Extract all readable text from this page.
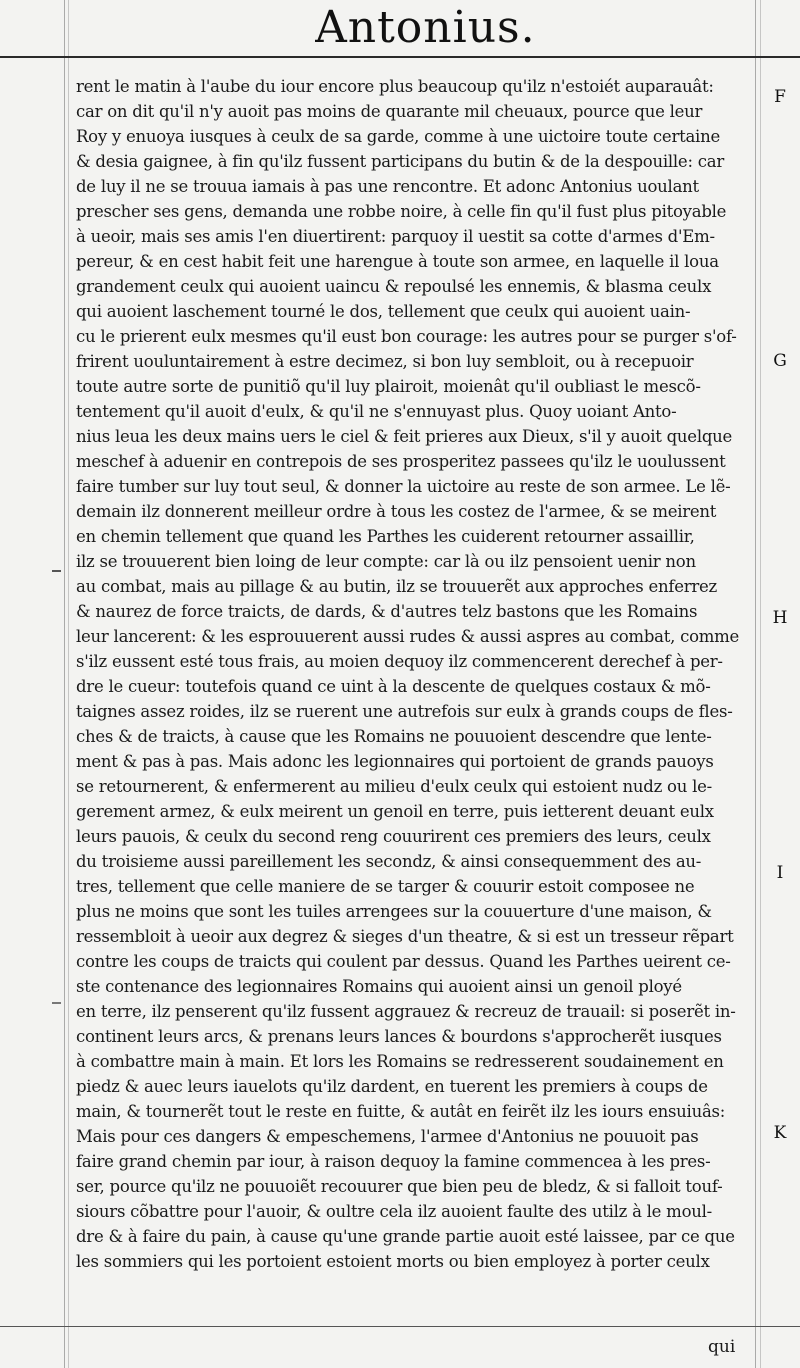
Antonius.
rent le matin à l'aube du iour encore plus beaucoup qu'ilz n'estoiét auparauât:
car on dit qu'il n'y auoit pas moins de quarante mil cheuaux, pource que leur
Roy y enuoya iusques à ceulx de sa garde, comme à une uictoire toute certaine
& desia gaignee, à fin qu'ilz fussent participans du butin & de la despouille: car
de luy il ne se trouua iamais à pas une rencontre. Et adonc Antonius uoulant
prescher ses gens, demanda une robbe noire, à celle fin qu'il fust plus pitoyable
à ueoir, mais ses amis l'en diuertirent: parquoy il uestit sa cotte d'armes d'Em-
pereur, & en cest habit feit une harengue à toute son armee, en laquelle il loua
grandement ceulx qui auoient uaincu & repoulsé les ennemis, & blasma ceulx
qui auoient laschement tourné le dos, tellement que ceulx qui auoient uain-
cu le prierent eulx mesmes qu'il eust bon courage: les autres pour se purger s'of-
frirent uouluntairement à estre decimez, si bon luy sembloit, ou à recepuoir
toute autre sorte de punitiõ qu'il luy plairoit, moienât qu'il oubliast le mescõ-
tentement qu'il auoit d'eulx, & qu'il ne s'ennuyast plus. Quoy uoiant Anto-
nius leua les deux mains uers le ciel & feit prieres aux Dieux, s'il y auoit quelque
meschef à aduenir en contrepois de ses prosperitez passees qu'ilz le uoulussent
faire tumber sur luy tout seul, & donner la uictoire au reste de son armee. Le lẽ-
demain ilz donnerent meilleur ordre à tous les costez de l'armee, & se meirent
en chemin tellement que quand les Parthes les cuiderent retourner assaillir,
ilz se trouuerent bien loing de leur compte: car là ou ilz pensoient uenir non
au combat, mais au pillage & au butin, ilz se trouuerẽt aux approches enferrez
& naurez de force traicts, de dards, & d'autres telz bastons que les Romains
leur lancerent: & les esprouuerent aussi rudes & aussi aspres au combat, comme
s'ilz eussent esté tous frais, au moien dequoy ilz commencerent derechef à per-
dre le cueur: toutefois quand ce uint à la descente de quelques costaux & mõ-
taignes assez roides, ilz se ruerent une autrefois sur eulx à grands coups de fles-
ches & de traicts, à cause que les Romains ne pouuoient descendre que lente-
ment & pas à pas. Mais adonc les legionnaires qui portoient de grands pauoys
se retournerent, & enfermerent au milieu d'eulx ceulx qui estoient nudz ou le-
gerement armez, & eulx meirent un genoil en terre, puis ietterent deuant eulx
leurs pauois, & ceulx du second reng couurirent ces premiers des leurs, ceulx
du troisieme aussi pareillement les secondz, & ainsi consequemment des au-
tres, tellement que celle maniere de se targer & couurir estoit composee ne
plus ne moins que sont les tuiles arrengees sur la couuerture d'une maison, &
ressembloit à ueoir aux degrez & sieges d'un theatre, & si est un tresseur rẽpart
contre les coups de traicts qui coulent par dessus. Quand les Parthes ueirent ce-
ste contenance des legionnaires Romains qui auoient ainsi un genoil ployé
en terre, ilz penserent qu'ilz fussent aggrauez & recreuz de trauail: si poserẽt in-
continent leurs arcs, & prenans leurs lances & bourdons s'approcherẽt iusques
à combattre main à main. Et lors les Romains se redresserent soudainement en
piedz & auec leurs iauelots qu'ilz dardent, en tuerent les premiers à coups de
main, & tournerẽt tout le reste en fuitte, & autât en feirẽt ilz les iours ensuiuâs:
Mais pour ces dangers & empeschemens, l'armee d'Antonius ne pouuoit pas
faire grand chemin par iour, à raison dequoy la famine commencea à les pres-
ser, pource qu'ilz ne pouuoiẽt recouurer que bien peu de bledz, & si falloit touf-
siours cõbattre pour l'auoir, & oultre cela ilz auoient faulte des utilz à le moul-
dre & à faire du pain, à cause qu'une grande partie auoit esté laissee, par ce que
les sommiers qui les portoient estoient morts ou bien employez à porter ceulx
F
G
H
I
K
qui
